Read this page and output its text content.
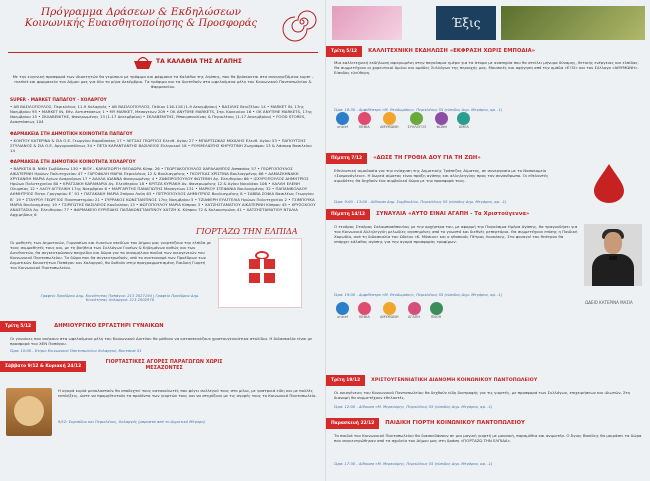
Πρόγραμμα Δράσεων & Εκδηλώσεων
Κοινωνικής Ευαισθητοποίησης & Προσφοράς
ΤΑ ΚΑΛΑΘΙΑ ΤΗΣ ΑΓΑΠΗΣ
Με την ευγενική προσφορά των ιδιοκτητών θα γεμίσουν με τρόφιμα και φάρμακα τα Καλάθια της Αγάπης, που θα βρίσκονται στα συνεργαζόμενα super - market και φαρμακεία του Δήμου μας για όλο το μήνα Δεκέμβριο. Τα τρόφιμα και τα διατεθούν στα ωφελούμενα μέλη του Κοινωνικού Παντοπωλείου & Φαρμακείου.
SUPER - MARKET ΠΑΠΑΓΟΥ - ΧΟΛΑΡΓΟΥ
• ΑΒ ΒΑΣΙΛΟΠΟΥΛΟΣ, Περικλέους 11-9 Χολαργός • ΑΒ ΒΑΣΙΛΟΠΟΥΛΟΣ, Πεδίου 116-118 (1-9 Δεκεμβρίου) • ΒΑΣΙΛΗΣ Βενιζέλου 14 • MARKET IN, 17ης Νοεμβρίου 95 • MARKET IN, Εθν. Αντιστάσεως 1 • MY MARKET, Μεσογείων 209 • OK ANYTIME MARKETS, Στρ. Κοκκινίου 16 • OK ANYTIME MARKETS, 17ης Νοεμβρίου 15 • ΣΚΛΑΒΕΝΙΤΗΣ, Φανερωμένης 13 (1-17 Δεκεμβρίου) • ΣΚΛΑΒΕΝΙΤΗΣ, Μπουμπουλίνας & Περικλέους (1-17 Δεκεμβρίου) • FOOD STORES, Αναστάσεως 104
ΦΑΡΜΑΚΕΙΑ ΣΤΗ ΔΗΜΟΤΙΚΗ ΚΟΙΝΟΤΗΤΑ ΠΑΠΑΓΟΥ
• ΚΟΝΤΟΥ ΚΑΤΕΡΙΝΑ & ΣΙΑ Ο.Ε. Γεωργίου Καραΐσκάκη 17 • ΛΕΤΣΑΣ ΓΕΩΡΓΙΟΣ Ελευθ. Αγίου 27 • ΜΠΑΡΤΣΩΚΑΣ ΜΙΧΑΛΗΣ Ελευθ. Αγίου 53 • ΠΑΠΟΥΤΣΗΣ ΣΤΥΛΙΑΝΟΣ & ΣΙΑ Ο.Ε. Αργυρουπόλεως 34 • ΠΕΤΑ ΚΑΡΑΝΤΑΝΤΗΣ ΒΑΣΙΛΕΙΟΣ Ελληνικού 18 • ΡΟΥΜΕΛΙΩΤΗΣ ΚΗΡΥΣΤΙΝΗ Ζωγράφου 13 & Λάσκαρ Βασιλείου 14
ΦΑΡΜΑΚΕΙΑ ΣΤΗ ΔΗΜΟΤΙΚΗ ΚΟΙΝΟΤΗΤΑ ΧΟΛΑΡΓΟΥ
• ΒΑΡΚΕΤΑ Β. ΝΙΚΗ Σωβδάκεω 130 • ΒΙΟΥ - ΚΑΡΑΓΕΩΡΓΗ ΘΕΟΔΩΡΑ Κύπρ. 26 • ΓΕΩΡΓΑΚΟΠΟΥΛΟΣ ΧΑΡΑΛΑΜΠΟΣ Ασπασίας 57 • ΓΕΩΡΓΟΠΟΥΛΟΣ ΑΙΚΑΤΕΡΙΝΗ Ηρώων Πολυτεχνείου 47 • ΓΑΡΟΦΑΛΗ ΜΑΡΙΑ Περικλέους 12 & Βουλιαγμένης • ΓΚΟΥΓΚΑΣ ΧΡΙΣΤΙΝΑ Βουλιαγμένης 66 • ΔΑΜΑΣΚΗΝΑΚΗ ΧΡΥΣΑΝΘΗ ΜΑΡΙΑ Αγίων Αναργύρων 17 • ΔΑΛΛΑ ΙΩΑΝΝΑ Φανερωμένης 4 • ΖΑΦΕΙΡΟΠΟΥΛΟΥ ΦΩΤΕΙΝΗ Αγ. Ελευθερίου 66 • ΙΣΧΥΡΟΠΟΥΛΟΣ ΔΗΜΗΤΡΙΟΣ Ηρώων Πολυτεχνείου 80 • ΚΡΑΤΣΑΚΗ ΚΑΡΑΜΑΡΙΑ Αγ. Ελευθερίου 18 • ΚΡΙΤΖΑ ΚΥΡΙΑΚΗ Αν. Φανερωμένης 12 & Αγίου Νικολάου 106 • ΛΑΛΛΗ ΕΛΕΝΗ Ολυμπίας 12 • ΛΑΟΥ ΑΓΓΕΛΙΚΗ 17ης Νοεμβρίου 6 • ΜΑΡΓΑΡΙΤΗΣ ΠΑΝΑΓΙΩΤΗΣ Μεσογείων 131 • ΜΑΡΚΟΥ ΣΤΕΦΑΝΙΑ Βουλιαγμένης 32 • ΠΑΠΑΝΙΚΟΛΑΟΥ ΔΗΜΗΤΡΙΟΣ Πατρ. Γρηγορίου Ε΄ 91 • ΠΑΤΑΚΑΚΗ ΜΑΡΙΑ Σπύρου Λούη 63 • ΠΕΤΡΟΠΟΥΛΟΣ ΔΗΜΗΤΡΙΟΣ Βουλιαγμένης 8 • ΣΑΒΒΑ ΣΟΦΙΑ Βασιλέως Γεωργίου Β΄ 19 • ΣΤΑΥΡΟΥ ΓΕΩΡΓΙΟΣ Πανεπιστημίου 21 • ΣΥΡΡΑΚΟΣ ΚΩΝΣΤΑΝΤΙΝΟΣ 17ης Νοεμβρίου 5 • ΤΖΙΑΦΕΡΗ ΕΥΑΓΓΕΛΙΑ Ηρώων Πολυτεχνείου 2 • ΤΣΙΜΠΟΥΚΑ ΜΑΡΙΑ Βουλιαγμένης 19 • ΤΣΙΡΙΓΩΤΗΣ ΒΑΣΙΛΕΙΟΣ Κονδυλάκη 13 • ΦΩΤΟΠΟΥΛΟΥ ΜΑΡΙΑ Κύπρου 3 • ΧΑΤΖΗΣΤΑΜΑΤΙΟΥ ΑΙΚΑΤΕΡΙΝΗ Κύπρου 45 • ΧΡΥΣΟΧΟΟΥ ΑΝΑΣΤΑΣΙΑ Αγ. Ελευθερίου 77 • ΦΑΡΜΑΚΕΙΟ ΕΥΡΙΠΙΔΗΣ ΠΑΠΑΚΩΝΣΤΑΝΤΙΝΟΥ ΧΑΤΖΗ Κ. Κύπρου 72 & Κολοκοτρώνη 41 • ΧΑΤΖΗΣΤΑΜΑΤΙΟΥ ΝΤΑΛΙΑ Αρχιμήδους 6
ΓΙΟΡΤΑΖΩ ΤΗΝ ΕΛΠΙΔΑ
Οι μαθητές των Δημοτικών, Γυμνασίων και Λυκείων σκεδίων του Δήμου μας γιορτάζουν την ελπίδα με τους συμμαθητές τους και, με τη βοήθεια των Συλλόγων Γονέων & Κηδεμόνων καθώς και των Διευθυντών, θα συγκεντρώσουν παιχνίδια και δώρα για τα συνομήλικα παιδιά των οικογενειών του Κοινωνικού Παντοπωλείου. Τα δώρα που θα συγκεντρωθούν, υπό το συντονισμό των Προέδρων των Δημοτικών Κοινοτήτων Παπάγου και Χολαργού, θα δοθούν στην προγραμματισμένη Παιδική Γιορτή του Κοινωνικού Παντοπωλείου.
Γραφείο Προέδρου Δημ. Κοινότητας Παπάγου: 213 2027194 | Γραφείο Προέδρου Δημ. Κοινότητας Χολαργού: 213 2002978
Τρίτη 5/12	ΔΗΜΙΟΥΡΓΙΚΟ ΕΡΓΑΣΤΗΡΙ ΓΥΝΑΙΚΩΝ
Οι γυναίκες που ανήκουν στα ωφελούμενα μέλη του Κοινωνικού Δικτύου θα μάθουν να κατασκευάζουν χριστουγεννιάτικα στολίδια. Η διδασκαλία είναι με προσφορά του ΧΕΝ Παπάγου.
Ώρα: 10:00 - Κτίριο Κοινωνικού Παντοπωλείου Χολαργού, Βουτσινά 51
Σάββατο 9/12 & Κυριακή 24/12
ΓΙΟΡΤΑΣΤΙΚΕΣ ΑΓΟΡΕΣ ΠΑΡΑΓΩΓΩΝ ΧΩΡΙΣ ΜΕΣΑΖΟΝΤΕΣ
Η αγορά κυρίά μεσολαστούν θα υποδεχτεί τους καταναλωτές που φύγει συλλεγού τους στο μίλιο, με γαστρικά είδη και με πολλές εκπλήξεις, ώστε να προμηθευτούν τα προϊόντα των γιορτών τους και να στηρίξουν με τις αγορές τους το Κοινωνικό Παντοπωλείο.
9/12: Ευριπίδου και Περικλέους, Χολαργός (μπροστά από το Δημοτικό Μέγαρο)
Έξις
Τρίτη 5/12	ΚΑΛΛΙΤΕΧΝΙΚΗ ΕΚΔΗΛΩΣΗ «ΕΚΦΡΑΣΗ ΧΩΡΙΣ ΕΜΠΟΔΙΑ»
Μια καλλιτεχνική εκδήλωση αφιερωμένη στην παγκόσμια ημέρα για τα άτομα με αναπηρία που θα στείλει μήνυμα δύναμης, θετικής ενέργειας και ελπίδας. Θα συμμετέχουν οι χορευτικοί όμιλοι και ομάδες Συλλόγων της περιοχής μας. Μουσικές και αφήγηση από την ομάδα «ΕΞΙΣ» και τον Σύλλογο «ΑΜΥΜΩΝΗ». Είσοδος ελεύθερη.
Ώρα: 18:30 - Αμφιθέατρο «Μ. Θεοδωράκη», Περικλέους 55 (είσοδος Δημ. Μεγάρου, αρ. -1)
unicef	ΚΕΦΙΑ	ΑΜΥΜΩΝΗ	ΣΥΛΛΟΓΟΣ	ΦΩΝΗ	ΑΜΕΑ
Πέμπτη 7/12	«ΔΩΣΕ ΤΗ ΓΡΟΘΙΑ ΔΟΥ ΓΙΑ ΤΗ ΖΩΗ»
Εθελοντική αιμοδοσία για την ενίσχυση της Δημοτικής Τράπεζας Αίματος, σε συνεργασία με το Νοσοκομείο «Σισμανόγλειο». Η δωρεά αίματος είναι πράξη αγάπης και αλληλεγγύης προς τον συνάνθρωπο. Οι εθελοντές αιμοδότες θα δεχθούν ένα συμβολικό δώρο με την προσφορά τους.
Ώρα: 9:00 - 13:00 - Αίθουσα Δημ. Συμβουλίου, Περικλέους 55 (είσοδος Δημ. Μεγάρου, αρ. -1)
Πέμπτη 14/12	ΣΥΝΑΥΛΙΑ «ΑΥΤΟ ΕΙΝΑΙ ΑΓΑΠΗ - Τα Χριστούγεννα»
Ο τενόρος Σταύρος Σαλαμπασόπουλος με την ορχήστρα του, με αφορμή την Παγκόσμια Ημέρα Αγάπης, θα τραγουδήσει για τον Κοινωνικό Αλληλεγγύη μελωδίες αγαπημένες από το γνωστό και διεθνές ρεπερτόριο. Θα συμμετέχουν επίσης η Παιδική Χορωδία, ανά τη διδασκαλία του Ωδείου «Κ. Μάσιου» και ο ηθοποιός Πέτρος Λουκάκης. Στο φουαγιέ του θεάτρου θα υπάρχει κάλαθος αγάπης για την αγορά προσφοράς τροφίμων.
Ώρα: 19:00 - Αμφιθέατρο «Μ. Θεοδωράκη», Περικλέους 55 (είσοδος Δημ. Μεγάρου, αρ. -1)
unicef	ΚΕΦΙΑ	ΑΜΥΜΩΝΗ	ΑΓΑΠΗ	ΠΝΟΗ
ΩΔΕΙΟ ΚΑΤΕΡΙΝΑ ΜΑΣΙΑ
Τρίτη 19/12	ΧΡΙΣΤΟΥΓΕΝΝΙΑΤΙΚΗ ΔΙΑΝΟΜΗ ΚΟΙΝΩΝΙΚΟΥ ΠΑΝΤΟΠΩΛΕΙΟΥ
Οι οικογένειες του Κοινωνικού Παντοπωλείου θα δεχθούν είδη διατροφής για τις γιορτές, με προσφορά των Συλλόγων, επιχειρήσεων και ιδιωτών. Στη διανομή θα συμμετέχουν εθελοντές.
Ώρα: 12:00 - Αίθουσα «Μ. Μερκούρη», Περικλέους 55 (είσοδος Δημ. Μεγάρου, αρ. -1)
Παρασκευή 22/12	ΠΑΙΔΙΚΗ ΓΙΟΡΤΗ ΚΟΙΝΩΝΙΚΟΥ ΠΑΝΤΟΠΩΛΕΙΟΥ
Τα παιδιά του Κοινωνικού Παντοπωλείου θα διασκεδάσουν σε μια μαγική γιορτή με μουσική, παραμύθια και ανιματέρ. Ο Άγιος Βασίλης θα μοιράσει τα δώρα που συγκεντρώθηκαν από τα σχολεία του Δήμου μας στη δράση «ΓΙΟΡΤΑΖΩ ΤΗΝ ΕΛΠΙΔΑ».
Ώρα: 17:30 - Αίθουσα «Μ. Μερκούρη», Περικλέους 55 (είσοδος Δημ. Μεγάρου, αρ. -1)
